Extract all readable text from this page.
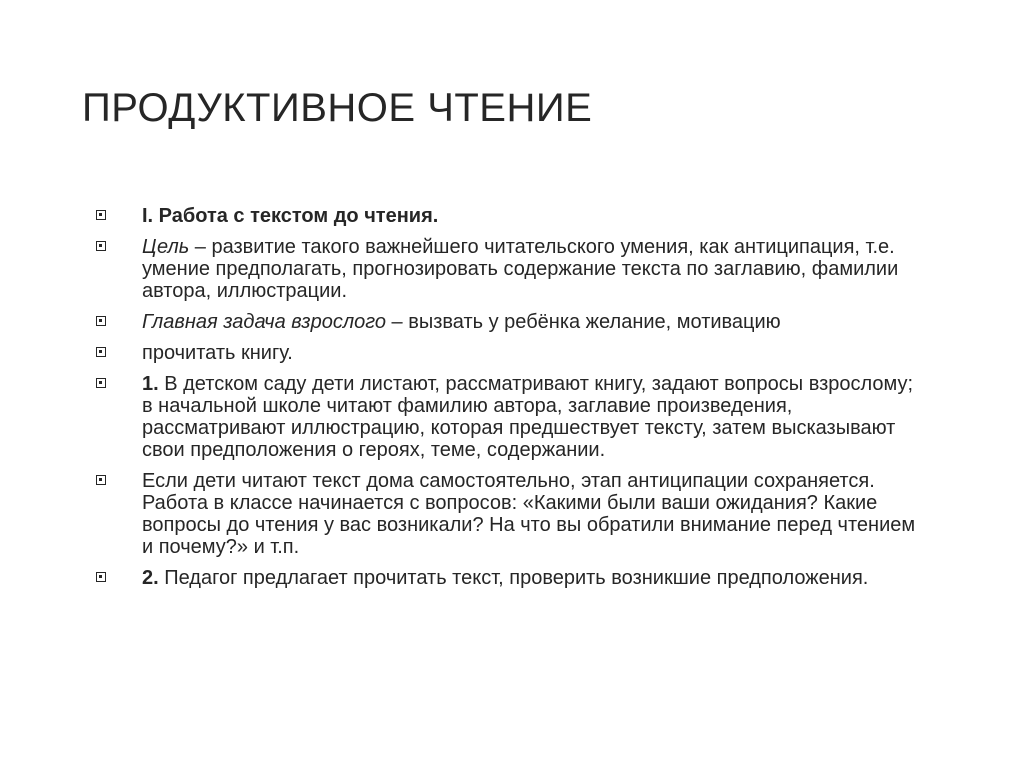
ПРОДУКТИВНОЕ ЧТЕНИЕ
I. Работа с текстом до чтения.
Цель – развитие такого важнейшего читательского умения, как антиципация, т.е. умение предполагать, прогнозировать содержание текста по заглавию, фамилии автора, иллюстрации.
Главная задача взрослого – вызвать у ребёнка желание, мотивацию
прочитать книгу.
1. В детском саду дети листают, рассматривают книгу, задают вопросы взрослому; в начальной школе читают фамилию автора, заглавие произведения, рассматривают иллюстрацию, которая предшествует тексту, затем высказывают свои предположения о героях, теме, содержании.
Если дети читают текст дома самостоятельно, этап антиципации сохраняется. Работа в классе начинается с вопросов: «Какими были ваши ожидания? Какие вопросы до чтения у вас возникали? На что вы обратили внимание перед чтением и почему?» и т.п.
2. Педагог предлагает прочитать текст, проверить возникшие предположения.
